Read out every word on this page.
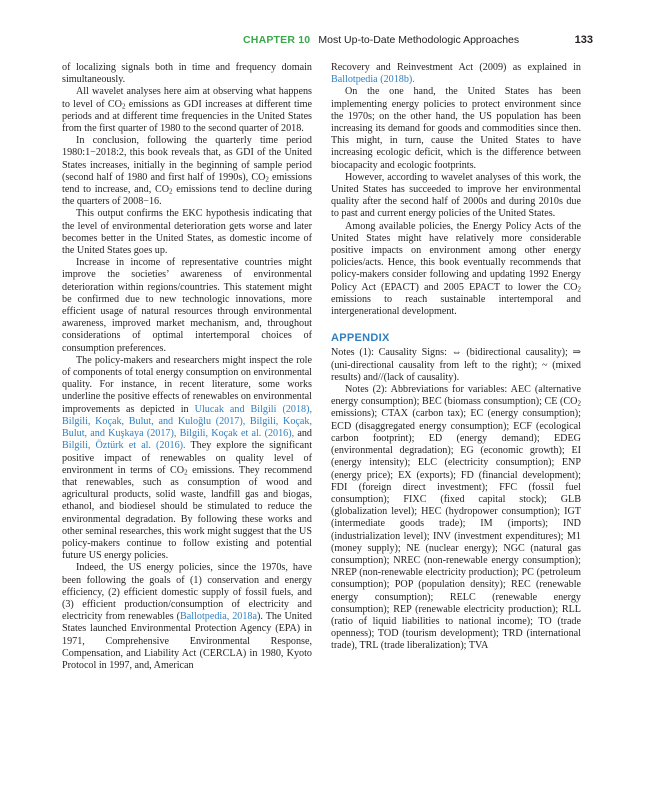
CHAPTER 10 Most Up-to-Date Methodologic Approaches	133

of localizing signals both in time and frequency domain simultaneously.

All wavelet analyses here aim at observing what happens to level of $CO_2$ emissions as GDI increases at different time periods and at different time frequencies in the United States from the first quarter of 1980 to the second quarter of 2018.

In conclusion, following the quarterly time period 1980:1−2018:2, this book reveals that, as GDI of the United States increases, initially in the beginning of sample period (second half of 1980 and first half of 1990s), $CO_2$ emissions tend to increase, and, $CO_2$ emissions tend to decline during the quarters of 2008−16.

This output confirms the EKC hypothesis indicating that the level of environmental deterioration gets worse and later becomes better in the United States, as domestic income of the United States goes up.

Increase in income of representative countries might improve the societies’ awareness of environmental deterioration within regions/countries. This statement might be confirmed due to new technologic innovations, more efficient usage of natural resources through environmental awareness, improved market mechanism, and, throughout considerations of optimal intertemporal choices of consumption preferences.

The policy-makers and researchers might inspect the role of components of total energy consumption on environmental quality. For instance, in recent literature, some works underline the positive effects of renewables on environmental improvements as depicted in Ulucak and Bilgili (2018), Bilgili, Koçak, Bulut, and Kuloğlu (2017), Bilgili, Koçak, Bulut, and Kuşkaya (2017), Bilgili, Koçak et al. (2016), and Bilgili, Öztürk et al. (2016). They explore the significant positive impact of renewables on quality level of environment in terms of $CO_2$ emissions. They recommend that renewables, such as consumption of wood and agricultural products, solid waste, landfill gas and biogas, ethanol, and biodiesel should be stimulated to reduce the environmental degradation. By following these works and other seminal researches, this work might suggest that the US policy-makers continue to follow existing and potential future US energy policies.

Indeed, the US energy policies, since the 1970s, have been following the goals of (1) conservation and energy efficiency, (2) efficient domestic supply of fossil fuels, and (3) efficient production/consumption of electricity and electricity from renewables (Ballotpedia, 2018a). The United States launched Environmental Protection Agency (EPA) in 1971, Comprehensive Environmental Response, Compensation, and Liability Act (CERCLA) in 1980, Kyoto Protocol in 1997, and, American

Recovery and Reinvestment Act (2009) as explained in Ballotpedia (2018b).

On the one hand, the United States has been implementing energy policies to protect environment since the 1970s; on the other hand, the US population has been increasing its demand for goods and commodities since then. This might, in turn, cause the United States to have increasing ecologic deficit, which is the difference between biocapacity and ecologic footprints.

However, according to wavelet analyses of this work, the United States has succeeded to improve her environmental quality after the second half of 2000s and during 2010s due to past and current energy policies of the United States.

Among available policies, the Energy Policy Acts of the United States might have relatively more considerable positive impacts on environment among other energy policies/acts. Hence, this book eventually recommends that policy-makers consider following and updating 1992 Energy Policy Act (EPACT) and 2005 EPACT to lower the $CO_2$ emissions to reach sustainable intertemporal and intergenerational development.

APPENDIX

Notes (1): Causality Signs: ⇔ (bidirectional causality); ⇒ (uni-directional causality from left to the right); ~ (mixed results) and//(lack of causality).

Notes (2): Abbreviations for variables: AEC (alternative energy consumption); BEC (biomass consumption); CE ($CO_2$ emissions); CTAX (carbon tax); EC (energy consumption); ECD (disaggregated energy consumption); ECF (ecological carbon footprint); ED (energy demand); EDEG (environmental degradation); EG (economic growth); EI (energy intensity); ELC (electricity consumption); ENP (energy price); EX (exports); FD (financial development); FDI (foreign direct investment); FFC (fossil fuel consumption); FIXC (fixed capital stock); GLB (globalization level); HEC (hydropower consumption); IGT (intermediate goods trade); IM (imports); IND (industrialization level); INV (investment expenditures); M1 (money supply); NE (nuclear energy); NGC (natural gas consumption); NREC (non-renewable energy consumption); NREP (non-renewable electricity production); PC (petroleum consumption); POP (population density); REC (renewable energy consumption); RELC (renewable energy consumption); REP (renewable electricity production); RLL (ratio of liquid liabilities to national income); TO (trade openness); TOD (tourism development); TRD (international trade), TRL (trade liberalization); TVA
